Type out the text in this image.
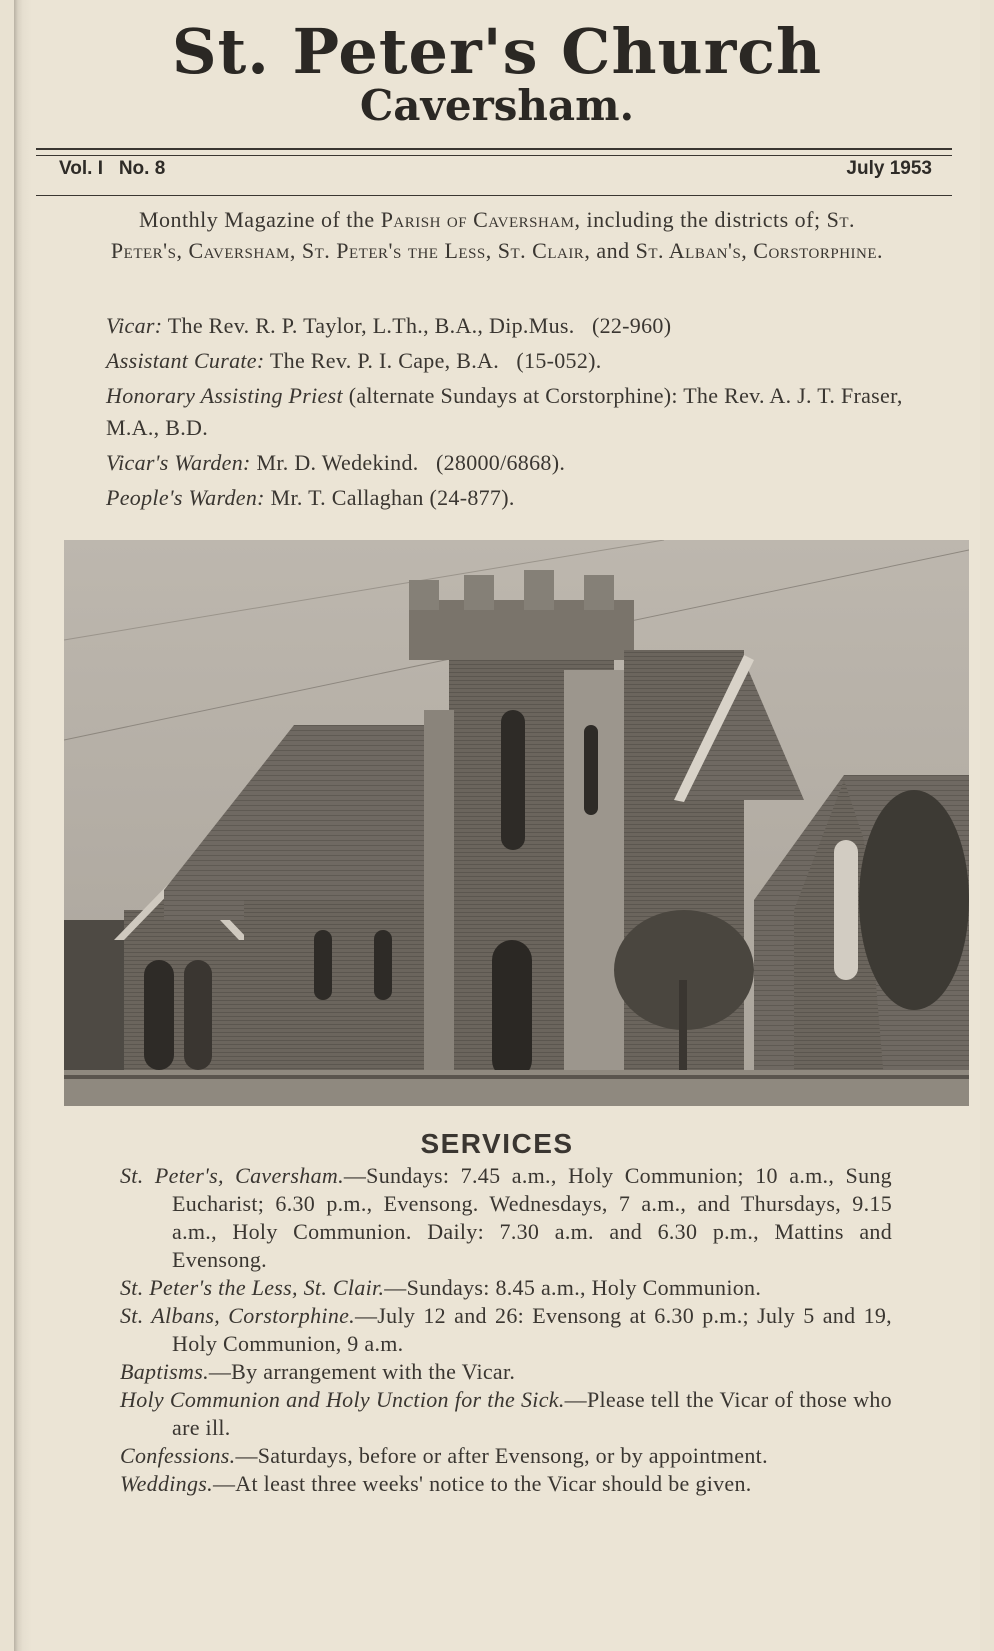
St. Peter's Church
Caversham.
Vol. I   No. 8	July 1953
Monthly Magazine of the Parish of Caversham, including the districts of; St. Peter's, Caversham, St. Peter's the Less, St. Clair, and St. Alban's, Corstorphine.

Vicar: The Rev. R. P. Taylor, L.Th., B.A., Dip.Mus.   (22-960)

Assistant Curate: The Rev. P. I. Cape, B.A.   (15-052).

Honorary Assisting Priest (alternate Sundays at Corstorphine): The Rev. A. J. T. Fraser, M.A., B.D.

Vicar's Warden: Mr. D. Wedekind.   (28000/6868).

People's Warden: Mr. T. Callaghan (24-877).

SERVICES

St. Peter's, Caversham.—Sundays: 7.45 a.m., Holy Communion; 10 a.m., Sung Eucharist; 6.30 p.m., Evensong. Wednesdays, 7 a.m., and Thursdays, 9.15 a.m., Holy Communion. Daily: 7.30 a.m. and 6.30 p.m., Mattins and Evensong.

St. Peter's the Less, St. Clair.—Sundays: 8.45 a.m., Holy Communion.

St. Albans, Corstorphine.—July 12 and 26: Evensong at 6.30 p.m.; July 5 and 19, Holy Communion, 9 a.m.

Baptisms.—By arrangement with the Vicar.

Holy Communion and Holy Unction for the Sick.—Please tell the Vicar of those who are ill.

Confessions.—Saturdays, before or after Evensong, or by appointment.

Weddings.—At least three weeks' notice to the Vicar should be given.
